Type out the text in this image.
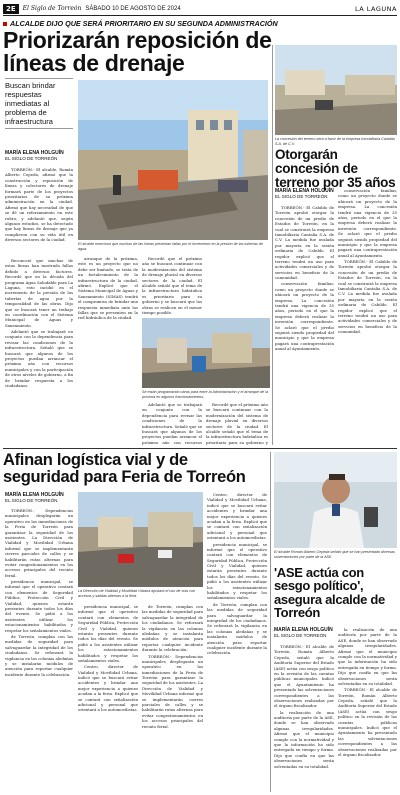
2E	El Siglo de Torreón SÁBADO 10 DE AGOSTO DE 2024	LA LAGUNA
ALCALDE DIJO QUE SERÁ PRIORITARIO EN SU SEGUNDA ADMINISTRACIÓN
Priorizarán reposición de líneas de drenaje
Buscan brindar respuestas inmediatas al problema de infraestructura
MARÍA ELENA HOLGUÍN
EL SIGLO DE TORREÓN

TORREÓN.- El alcalde, Román Alberto Cepeda, afirmó que la construcción y reposición de líneas y colectores de drenaje formará parte de los proyectos prioritarios de su próxima administración en la ciudad. Afirmó que hay necesidad de que se dé un reforzamiento en este rubro, y adelantó que, según algunos estudios, se ha detectado que hay líneas de drenaje que ya cumplieron con su vida útil en diversos sectores de la ciudad.

Reconoció que muchas de estas líneas han mostrado fallas debido a diversos factores. Recordó que en la década del programa Agua Saludable para La Laguna, esto incidió en el incremento de la presión de las tuberías de agua por la temporalidad de las obras. Dijo que se buscará tener un trabajo en coordinación con el Sistema Municipal de Aguas y Saneamiento.

Adelantó que se trabajará en conjunto con la dependencia para revisar las condiciones de la infraestructura. Señaló que se buscará que algunos de los proyectos puedan arrancar el próximo año con recursos municipales y con la participación de otros niveles de gobierno, a fin de brindar respuesta a los ciudadanos.

El alcalde mencionó que muchas de las líneas presentan fallas por el incremento en la presión de las tuberías de agua.

arranque de la próxima, este es un proyecto que no debe ser limitado, se trata de un fortalecimiento de la infraestructura de la ciudad, afirmó. Explicó que el Sistema Municipal de Aguas y Saneamiento (SIMAS) tendrá el compromiso de brindar una respuesta inmediata ante las fallas que se presenten en la red hidráulica de la ciudad.

Recordó que el próximo año se buscará continuar con la modernización del sistema de drenaje pluvial en diversos sectores de la ciudad. El alcalde señaló que el tema de la infraestructura hidráulica es prioritario para su gobierno y se buscará que las obras se realicen en el menor tiempo posible.

Se están programando obras para entre la Administración y el arranque de la próxima en algunos fraccionamientos.

Adelantó que se trabajará en conjunto con la dependencia para revisar las condiciones de la infraestructura. Señaló que se buscará que algunos de los proyectos puedan arrancar el próximo año con recursos

Recordó que el próximo año se buscará continuar con la modernización del sistema de drenaje pluvial en diversos sectores de la ciudad. El alcalde señaló que el tema de la infraestructura hidráulica es prioritario para su gobierno y

La concesión del terreno será a favor de la empresa Inmobiliaria Cantalia S.A. de C.V.
Otorgarán concesión de terreno por 35 años
MARÍA ELENA HOLGUÍN
EL SIGLO DE TORREÓN

TORREÓN.- El Cabildo de Torreón aprobó otorgar la concesión de un predio de Estados de Torreón, en la cual se construirá la empresa Inmobiliaria Cantalia S.A. de C.V. La medida fue avalada por mayoría en la sesión ordinaria de Cabildo. El regidor explicó que el terreno tendrá un uso para actividades comerciales y de servicios en beneficio de la comunidad.

conservación familiar, como un proyecto donde se ubicará un proyecto de la empresa. La concesión tendrá una vigencia de 35 años, periodo en el que la empresa deberá realizar la inversión correspondiente. Se aclaró que el predio seguirá siendo propiedad del municipio y que la empresa pagará una contraprestación anual al Ayuntamiento.

conservación familiar, como un proyecto donde se ubicará un proyecto de la empresa. La concesión tendrá una vigencia de 35 años, periodo en el que la empresa deberá realizar la inversión correspondiente. Se aclaró que el predio seguirá siendo propiedad del municipio y que la empresa pagará una contraprestación anual al Ayuntamiento.

TORREÓN.- El Cabildo de Torreón aprobó otorgar la concesión de un predio de Estados de Torreón, en la cual se construirá la empresa Inmobiliaria Cantalia S.A. de C.V. La medida fue avalada por mayoría en la sesión ordinaria de Cabildo. El regidor explicó que el terreno tendrá un uso para actividades comerciales y de servicios en beneficio de la comunidad.

Afinan logística vial y de seguridad para Feria de Torreón
MARÍA ELENA HOLGUÍN
EL SIGLO DE TORREÓN

TORREÓN.- Dependencias municipales desplegarán un operativo en las inmediaciones de la Feria de Torreón para garantizar la seguridad de los asistentes. La Dirección de Vialidad y Movilidad Urbana informó que se implementarán cierres parciales de calles y se habilitarán rutas alternas para evitar congestionamientos en los accesos principales del recinto ferial.

presidencia municipal, se informó que el operativo contará con elementos de Seguridad Pública, Protección Civil y Vialidad, quienes estarán presentes durante todos los días del evento. Se pidió a los asistentes utilizar los estacionamientos habilitados y respetar los señalamientos viales.

de Torreón, cumplan con las medidas de seguridad para salvaguardar la integridad de los ciudadanos. Se reforzará la vigilancia en las colonias aledañas y se instalarán módulos de atención para reportar cualquier incidente durante la celebración.

La Dirección de Vialidad y Movilidad Urbana ajustará el uso de vías con accesos y salidas alternas a la feria.

presidencia municipal, se informó que el operativo contará con elementos de Seguridad Pública, Protección Civil y Vialidad, quienes estarán presentes durante todos los días del evento. Se pidió a los asistentes utilizar los estacionamientos habilitados y respetar los señalamientos viales.

Centro, director de Vialidad y Movilidad Urbana, indicó que se buscará evitar accidentes y brindar una mejor experiencia a quienes acudan a la feria. Explicó que se contará con señalización adicional y personal que orientará a los automovilistas.

de Torreón, cumplan con las medidas de seguridad para salvaguardar la integridad de los ciudadanos. Se reforzará la vigilancia en las colonias aledañas y se instalarán módulos de atención para reportar cualquier incidente durante la celebración.

TORREÓN.- Dependencias municipales desplegarán un operativo en las inmediaciones de la Feria de Torreón para garantizar la seguridad de los asistentes. La Dirección de Vialidad y Movilidad Urbana informó que se implementarán cierres parciales de calles y se habilitarán rutas alternas para evitar congestionamientos en los accesos principales del recinto ferial.

Centro, director de Vialidad y Movilidad Urbana, indicó que se buscará evitar accidentes y brindar una mejor experiencia a quienes acudan a la feria. Explicó que se contará con señalización adicional y personal que orientará a los automovilistas.

presidencia municipal, se informó que el operativo contará con elementos de Seguridad Pública, Protección Civil y Vialidad, quienes estarán presentes durante todos los días del evento. Se pidió a los asistentes utilizar los estacionamientos habilitados y respetar los señalamientos viales.

de Torreón, cumplan con las medidas de seguridad para salvaguardar la integridad de los ciudadanos. Se reforzará la vigilancia en las colonias aledañas y se instalarán módulos de atención para reportar cualquier incidente durante la celebración.

El alcalde Román Alberto Cepeda señaló que se han presentado diversas solventaciones por parte de la ASE.
'ASE actúa con sesgo político', asegura alcalde de Torreón
MARÍA ELENA HOLGUÍN
EL SIGLO DE TORREÓN

TORREÓN.- El alcalde de Torreón, Román Alberto Cepeda, señaló que la Auditoría Superior del Estado (ASE) actúa con sesgo político en la revisión de las cuentas públicas municipales. Indicó que el Ayuntamiento ha presentado las solventaciones correspondientes a las observaciones realizadas por el órgano fiscalizador.

la realización de una auditoría por parte de la ASE, donde se han observado algunas irregularidades. Afirmó que el municipio cumple con la normatividad y que la información ha sido entregada en tiempo y forma. Dijo que confía en que las observaciones serán solventadas en su totalidad.

la realización de una auditoría por parte de la ASE, donde se han observado algunas irregularidades. Afirmó que el municipio cumple con la normatividad y que la información ha sido entregada en tiempo y forma. Dijo que confía en que las observaciones serán solventadas en su totalidad.

TORREÓN.- El alcalde de Torreón, Román Alberto Cepeda, señaló que la Auditoría Superior del Estado (ASE) actúa con sesgo político en la revisión de las cuentas públicas municipales. Indicó que el Ayuntamiento ha presentado las solventaciones correspondientes a las observaciones realizadas por el órgano fiscalizador.
